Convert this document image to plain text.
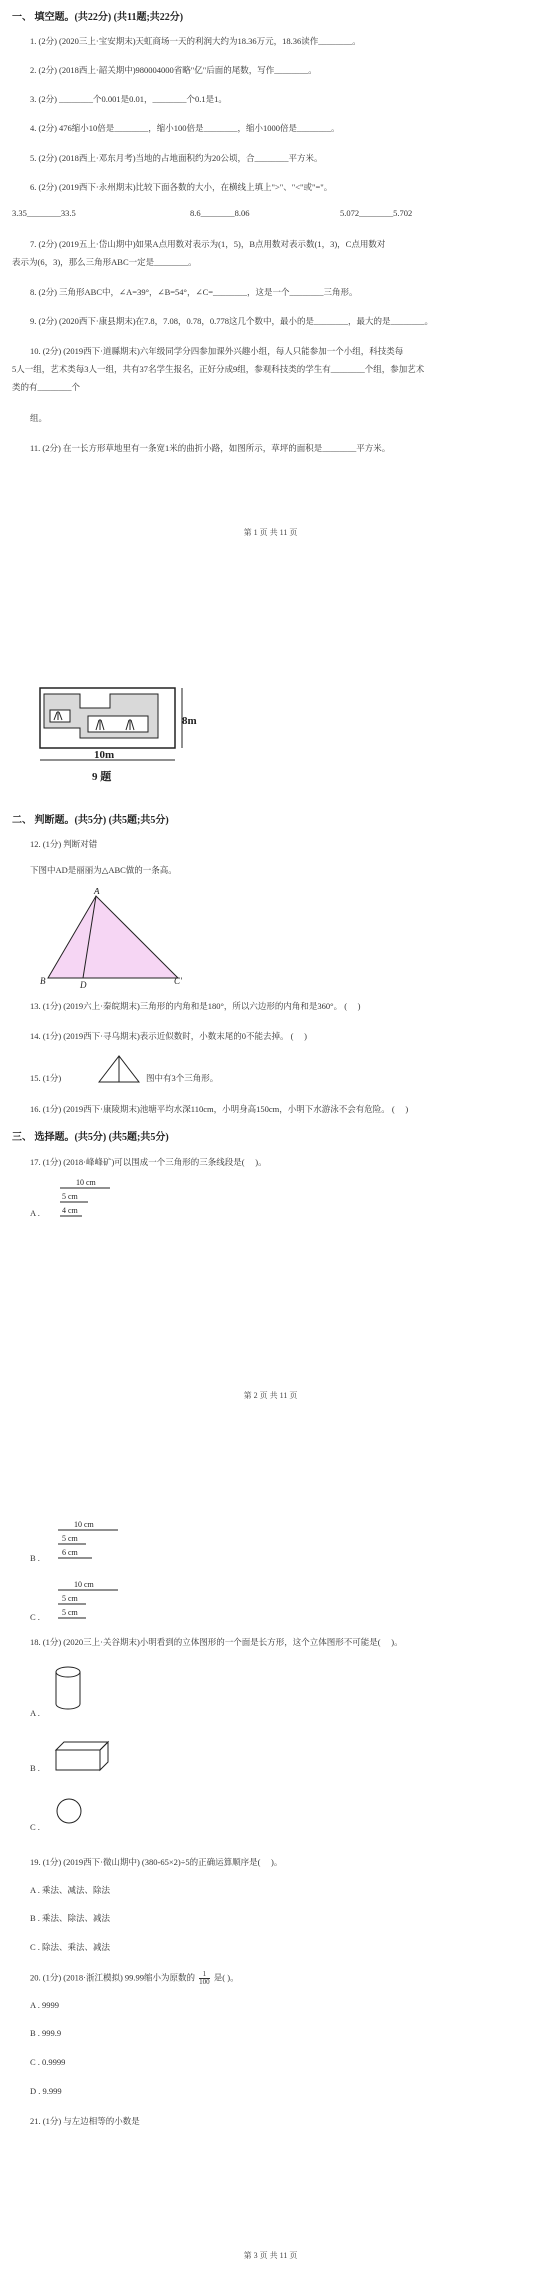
一、 填空题。(共22分) (共11题;共22分)
1. (2分) (2020三上·宝安期末)天虹商场一天的利润大约为18.36万元，18.36读作________。
2. (2分) (2018西上·韶关期中)980004000省略"亿"后面的尾数，写作________。
3. (2分) ________个0.001是0.01，________个0.1是1。
4. (2分) 476缩小10倍是________，缩小100倍是________，缩小1000倍是________。
5. (2分) (2018西上·邓东月考)当地的占地面积约为20公顷，合________平方米。
6. (2分) (2019西下·永州期末)比较下面各数的大小，在横线上填上">"、"<"或"="。
3.35________33.5	8.6________8.06	5.072________5.702
7. (2分) (2019五上·岱山期中)如果A点用数对表示为(1，5)，B点用数对表示数(1，3)，C点用数对
表示为(6，3)，那么三角形ABC一定是________。
8. (2分) 三角形ABC中，∠A=39°，∠B=54°，∠C=________，这是一个________三角形。
9. (2分) (2020西下·康县期末)在7.8，7.08，0.78，0.778这几个数中，最小的是________，最大的是________。
10. (2分) (2019西下·道縣期末)六年级同学分四参加课外兴趣小组，每人只能参加一个小组，科技类每
5人一组，艺术类每3人一组，共有37名学生报名，正好分成9组，参观科技类的学生有________个组，参加艺术
类的有________个
组。
11. (2分) 在一长方形草地里有一条宽1米的曲折小路，如图所示，草坪的面积是________平方米。
第 1 页 共 11 页
8m
10m
9 题
二、 判断题。(共5分) (共5题;共5分)
12. (1分) 判断对错
下图中AD是丽丽为△ABC做的一条高。
A
B	D	C'
13. (1分) (2019六上·秦皖期末)三角形的内角和是180°，所以六边形的内角和是360°。 (     )
14. (1分) (2019西下·寻乌期末)表示近似数时，小数末尾的0不能去掉。 (     )
15. (1分)	图中有3个三角形。
16. (1分) (2019西下·康陵期末)池塘平均水深110cm，小明身高150cm，小明下水游泳不会有危险。 (     )
三、 选择题。(共5分) (共5题;共5分)
17. (1分) (2018·峰峰矿)可以围成一个三角形的三条线段是(     )。
A .
10 cm
5 cm
4 cm
第 2 页 共 11 页
B .
10 cm
5 cm
6 cm
C .
10 cm
5 cm
5 cm
18. (1分) (2020三上·关谷期末)小明看到的立体图形的一个面是长方形，这个立体图形不可能是(     )。
A .
B .
C .
19. (1分) (2019西下·微山期中) (380-65×2)÷5的正确运算顺序是(     )。
A . 乘法、减法、除法
B . 乘法、除法、减法
C . 除法、乘法、减法
20. (1分) (2018·浙江模拟) 99.99缩小为原数的 $\frac{1}{100}$ 是( )。
A . 9999
B . 999.9
C . 0.9999
D . 9.999
21. (1分) 与左边相等的小数是
第 3 页 共 11 页
